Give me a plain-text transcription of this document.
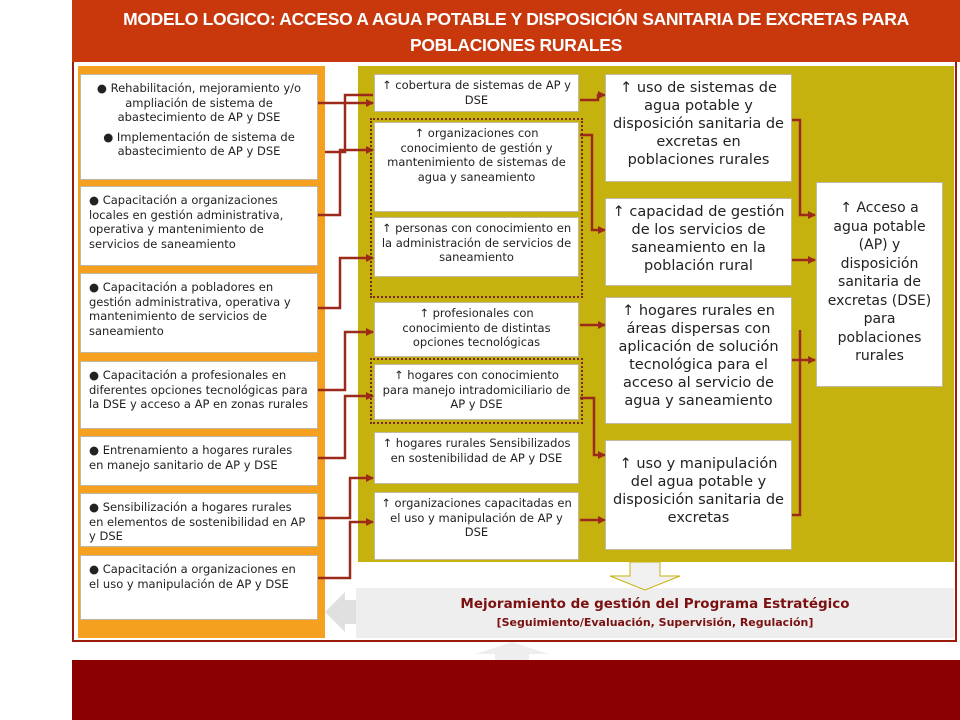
MODELO LOGICO: ACCESO A AGUA POTABLE Y DISPOSICIÓN SANITARIA DE EXCRETAS PARA POBLACIONES RURALES
● Rehabilitación, mejoramiento y/o ampliación de sistema de abastecimiento de AP y DSE
● Implementación de sistema de abastecimiento de AP y DSE
● Capacitación a organizaciones locales en gestión administrativa, operativa y mantenimiento de servicios de saneamiento
● Capacitación a pobladores en gestión administrativa, operativa y mantenimiento de servicios de saneamiento
● Capacitación a profesionales en diferentes opciones tecnológicas para la DSE y acceso a AP en zonas rurales
● Entrenamiento a hogares rurales en manejo sanitario de AP y DSE
● Sensibilización a hogares rurales en elementos de sostenibilidad en AP y DSE
● Capacitación a organizaciones en el uso y manipulación de AP y DSE
↑ cobertura de sistemas de AP y DSE
↑ organizaciones con conocimiento de gestión y mantenimiento de sistemas de agua y saneamiento
↑ personas con conocimiento en la administración de servicios de saneamiento
↑ profesionales con conocimiento de distintas opciones tecnológicas
↑ hogares con conocimiento para manejo intradomiciliario de AP y DSE
↑ hogares rurales Sensibilizados en sostenibilidad de AP y DSE
↑ organizaciones capacitadas en el uso y manipulación de AP y DSE
↑ uso de sistemas de agua potable y disposición sanitaria de excretas en poblaciones rurales
↑ capacidad de gestión de los servicios de saneamiento en la población rural
↑ hogares rurales en áreas dispersas con aplicación de solución tecnológica para el acceso al servicio de agua y saneamiento
↑ uso y manipulación del agua potable y disposición sanitaria de excretas
↑ Acceso a agua potable (AP) y disposición sanitaria de excretas (DSE) para poblaciones rurales
Mejoramiento de gestión del Programa Estratégico
[Seguimiento/Evaluación, Supervisión, Regulación]
